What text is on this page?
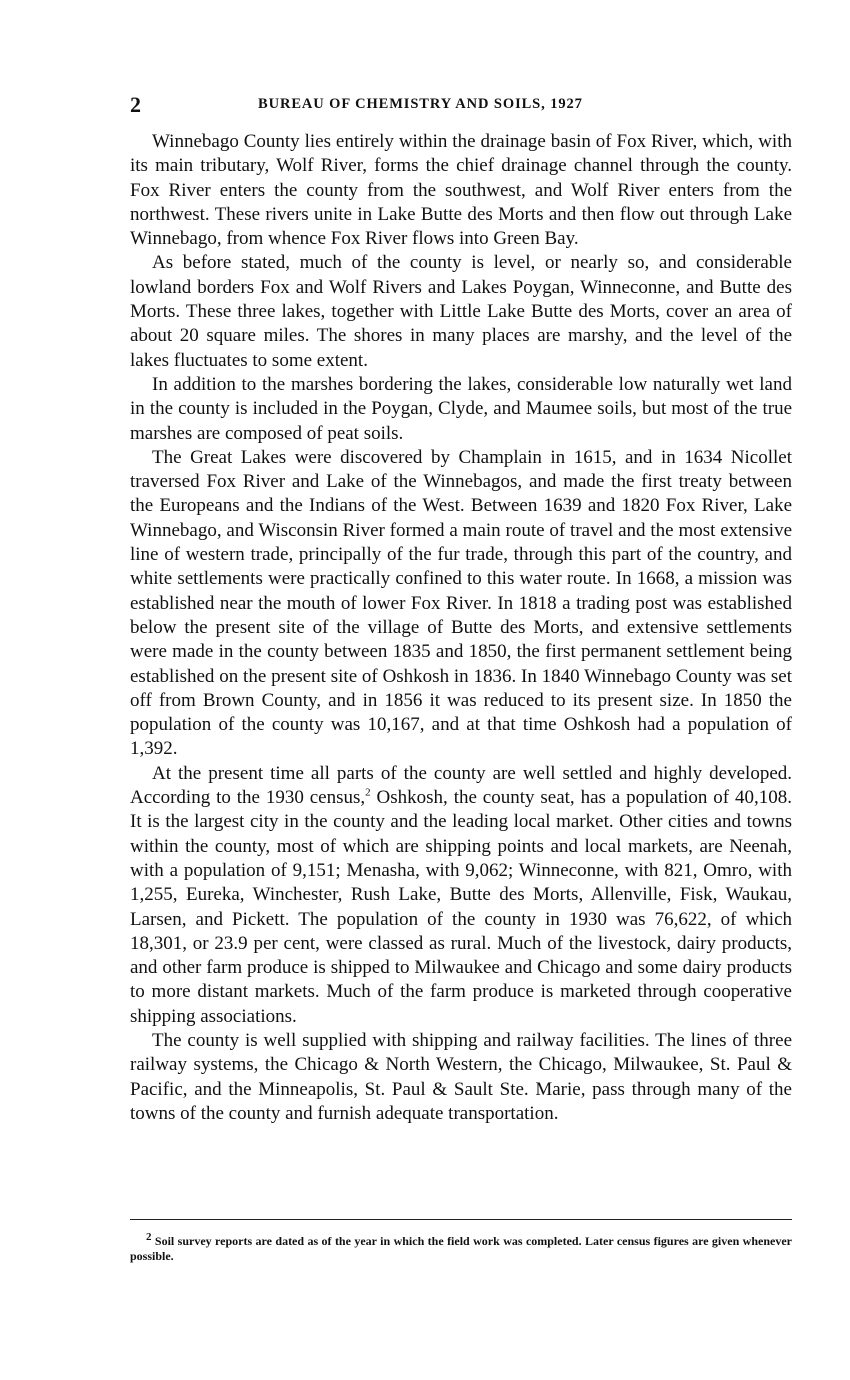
2	BUREAU OF CHEMISTRY AND SOILS, 1927

Winnebago County lies entirely within the drainage basin of Fox River, which, with its main tributary, Wolf River, forms the chief drainage channel through the county. Fox River enters the county from the southwest, and Wolf River enters from the northwest. These rivers unite in Lake Butte des Morts and then flow out through Lake Winnebago, from whence Fox River flows into Green Bay.

As before stated, much of the county is level, or nearly so, and considerable lowland borders Fox and Wolf Rivers and Lakes Poygan, Winneconne, and Butte des Morts. These three lakes, together with Little Lake Butte des Morts, cover an area of about 20 square miles. The shores in many places are marshy, and the level of the lakes fluctuates to some extent.

In addition to the marshes bordering the lakes, considerable low naturally wet land in the county is included in the Poygan, Clyde, and Maumee soils, but most of the true marshes are composed of peat soils.

The Great Lakes were discovered by Champlain in 1615, and in 1634 Nicollet traversed Fox River and Lake of the Winnebagos, and made the first treaty between the Europeans and the Indians of the West. Between 1639 and 1820 Fox River, Lake Winnebago, and Wisconsin River formed a main route of travel and the most extensive line of western trade, principally of the fur trade, through this part of the country, and white settlements were practically confined to this water route. In 1668, a mission was established near the mouth of lower Fox River. In 1818 a trading post was established below the present site of the village of Butte des Morts, and extensive settlements were made in the county between 1835 and 1850, the first permanent settlement being established on the present site of Oshkosh in 1836. In 1840 Winnebago County was set off from Brown County, and in 1856 it was reduced to its present size. In 1850 the population of the county was 10,167, and at that time Oshkosh had a population of 1,392.

At the present time all parts of the county are well settled and highly developed. According to the 1930 census,$^2$ Oshkosh, the county seat, has a population of 40,108. It is the largest city in the county and the leading local market. Other cities and towns within the county, most of which are shipping points and local markets, are Neenah, with a population of 9,151; Menasha, with 9,062; Winneconne, with 821, Omro, with 1,255, Eureka, Winchester, Rush Lake, Butte des Morts, Allenville, Fisk, Waukau, Larsen, and Pickett. The population of the county in 1930 was 76,622, of which 18,301, or 23.9 per cent, were classed as rural. Much of the livestock, dairy products, and other farm produce is shipped to Milwaukee and Chicago and some dairy products to more distant markets. Much of the farm produce is marketed through cooperative shipping associations.

The county is well supplied with shipping and railway facilities. The lines of three railway systems, the Chicago & North Western, the Chicago, Milwaukee, St. Paul & Pacific, and the Minneapolis, St. Paul & Sault Ste. Marie, pass through many of the towns of the county and furnish adequate transportation.

$^2$ Soil survey reports are dated as of the year in which the field work was completed. Later census figures are given whenever possible.
